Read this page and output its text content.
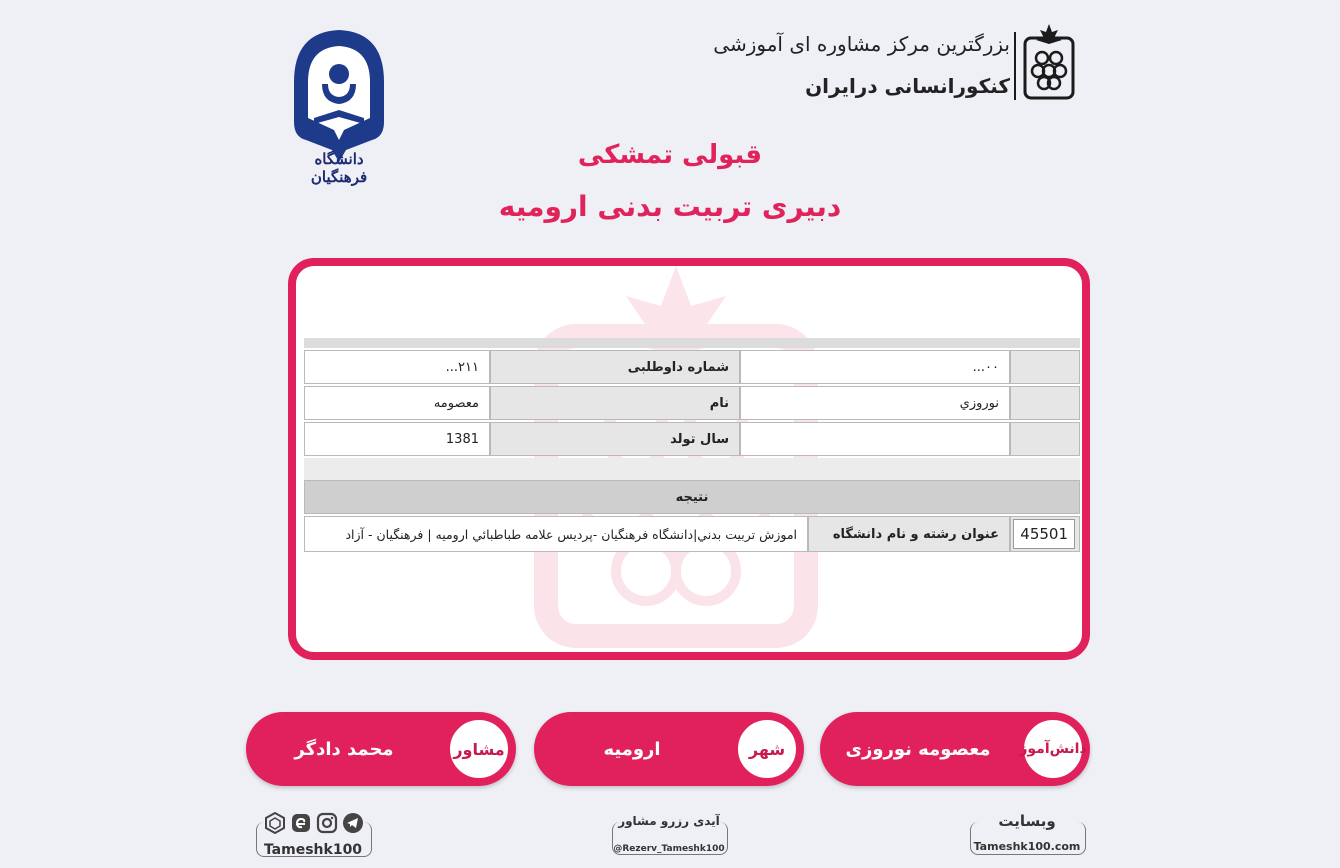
دانشگاه فرهنگیان
بزرگترین مرکز مشاوره ای آموزشی
کنکورانسانی درایران
قبولی تمشکی
دبیری تربیت بدنی ارومیه
۲۱۱...	شماره داوطلبی	۰۰...
معصومه	نام	نوروزي
1381	سال تولد
نتیجه
اموزش تربيت بدني|دانشگاه فرهنگيان -پرديس علامه طباطبائي اروميه | فرهنگيان - آزاد	عنوان رشته و نام دانشگاه	45501
معصومه نوروزی	دانش‌آموز
ارومیه	شهر
محمد دادگر	مشاور
وبسایت
Tameshk100.com
آیدی رزرو مشاور
@Rezerv_Tameshk100
Tameshk100
